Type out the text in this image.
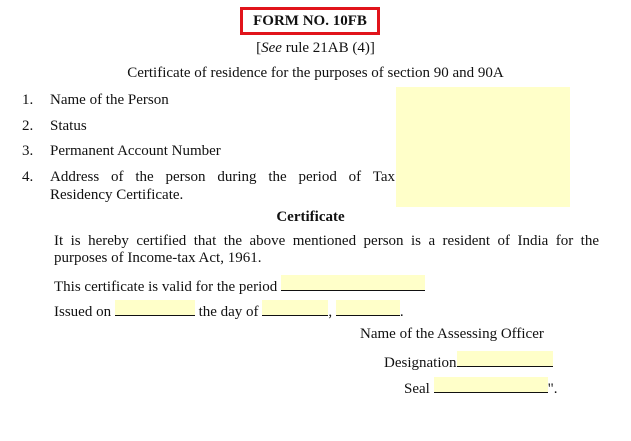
FORM NO. 10FB
[See rule 21AB (4)]
Certificate of residence for the purposes of section 90 and 90A
1. Name of the Person
2. Status
3. Permanent Account Number
4. Address of the person during the period of Tax
Residency Certificate.
Certificate
It is hereby certified that the above mentioned person is a resident of India for the
purposes of Income-tax Act, 1961.
This certificate is valid for the period
Issued on	the day of	,	.
Name of the Assessing Officer
Designation
Seal	".
